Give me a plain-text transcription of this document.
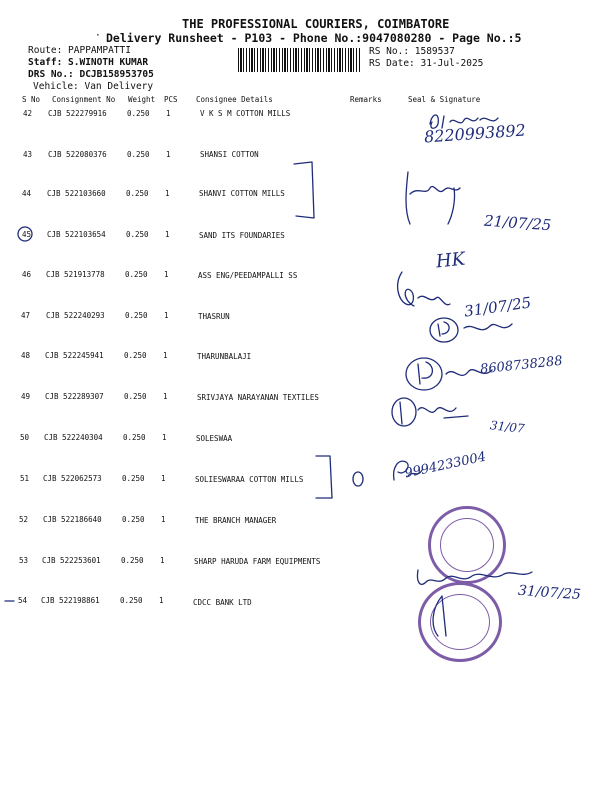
THE PROFESSIONAL COURIERS, COIMBATORE
· Delivery Runsheet - P103 - Phone No.:9047080280 - Page No.:5
Route: PAPPAMPATTI
Staff: S.WINOTH KUMAR
DRS No.: DCJB158953705
Vehicle: Van Delivery
RS No.: 1589537
RS Date: 31-Jul-2025
S No Consignment No Weight PCS Consignee Details	Remarks	Seal & Signature
42 CJB 522279916	0.250 1	V K S M COTTON MILLS
43 CJB 522080376	0.250 1	SHANSI COTTON
44 CJB 522103660	0.250 1	SHANVI COTTON MILLS
45 CJB 522103654	0.250 1	SAND ITS FOUNDARIES
46 CJB 521913778	0.250 1	ASS ENG/PEEDAMPALLI SS
47 CJB 522240293	0.250 1	THASRUN
48 CJB 522245941	0.250 1	THARUNBALAJI
49 CJB 522289307	0.250 1	SRIVJAYA NARAYANAN TEXTILES
50 CJB 522240304	0.250 1	SOLESWAA
51 CJB 522062573	0.250 1	SOLIESWARAA COTTON MILLS
52 CJB 522186640	0.250 1	THE BRANCH MANAGER
53 CJB 522253601	0.250 1	SHARP HARUDA FARM EQUIPMENTS
54 CJB 522198861	0.250 1	CDCC BANK LTD
8220993892
21/07/25
HK
31/07/25
8608738288
31/07
9994233004
31/07/25
